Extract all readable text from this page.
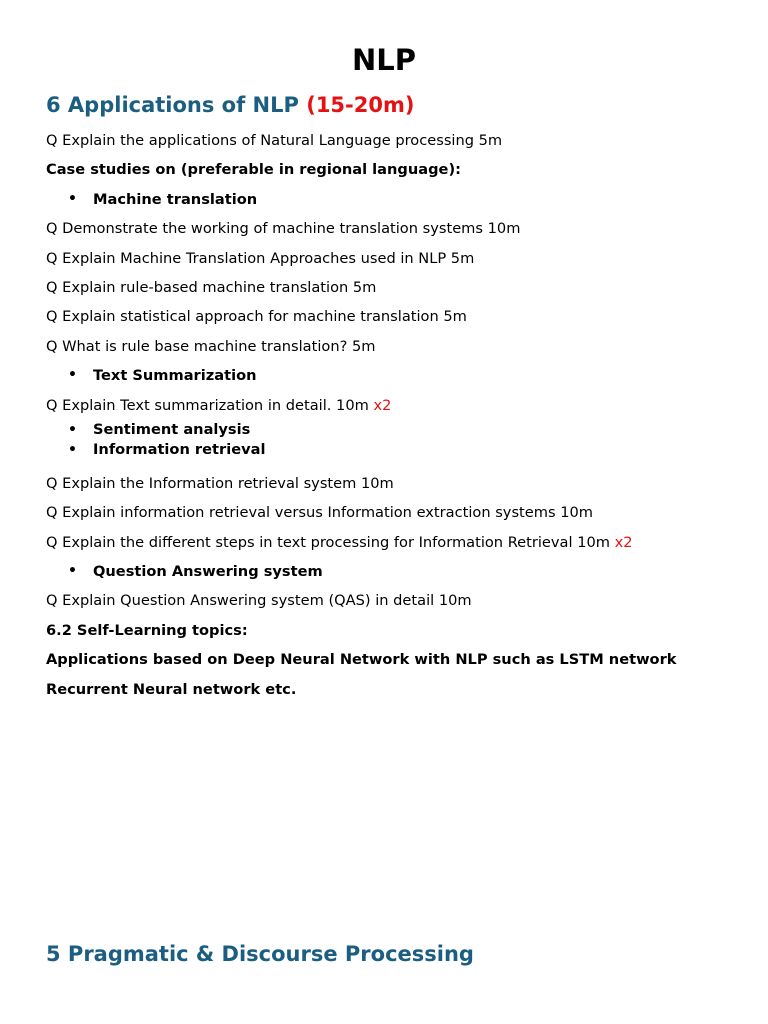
NLP
6 Applications of NLP (15-20m)
Q Explain the applications of Natural Language processing 5m
Case studies on (preferable in regional language):
• Machine translation
Q Demonstrate the working of machine translation systems 10m
Q Explain Machine Translation Approaches used in NLP 5m
Q Explain rule-based machine translation 5m
Q Explain statistical approach for machine translation 5m
Q What is rule base machine translation? 5m
• Text Summarization
Q Explain Text summarization in detail. 10m x2
• Sentiment analysis
• Information retrieval
Q Explain the Information retrieval system 10m
Q Explain information retrieval versus Information extraction systems 10m
Q Explain the different steps in text processing for Information Retrieval 10m x2
• Question Answering system
Q Explain Question Answering system (QAS) in detail 10m
6.2 Self-Learning topics:
Applications based on Deep Neural Network with NLP such as LSTM network
Recurrent Neural network etc.
5 Pragmatic & Discourse Processing
